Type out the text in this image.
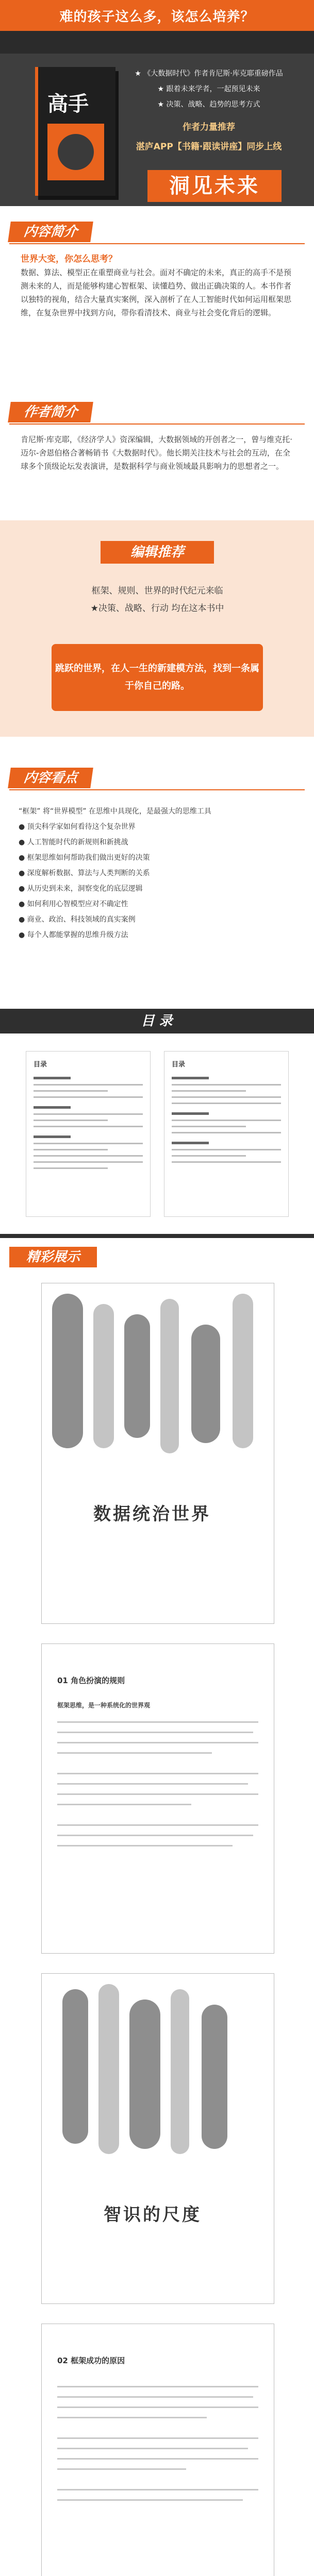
难的孩子这么多，该怎么培养？
高手
★ 《大数据时代》作者肯尼斯·库克耶重磅作品
★ 跟着未来学者，一起预见未来
★ 决策、战略、趋势的思考方式
作者力量推荐
湛庐APP【书籍·跟读讲座】同步上线
洞见未来
内容简介
世界大变，你怎么思考？
数据、算法、模型正在重塑商业与社会。面对不确定的未来，真正的高手不是预测未来的人，而是能够构建心智框架、读懂趋势、做出正确决策的人。本书作者以独特的视角，结合大量真实案例，深入剖析了在人工智能时代如何运用框架思维，在复杂世界中找到方向，带你看清技术、商业与社会变化背后的逻辑。
作者简介
肯尼斯·库克耶，《经济学人》资深编辑，大数据领域的开创者之一，曾与维克托·迈尔-舍恩伯格合著畅销书《大数据时代》。他长期关注技术与社会的互动，在全球多个顶级论坛发表演讲，是数据科学与商业领域最具影响力的思想者之一。
编辑推荐
框架、规则、世界的时代纪元来临
★决策、战略、行动 均在这本书中
跳跃的世界，在人一生的新建模方法，找到一条属于你自己的路。
内容看点
“框架” 将“世界模型” 在思维中具现化，是最强大的思维工具
● 顶尖科学家如何看待这个复杂世界
● 人工智能时代的新规则和新挑战
● 框架思维如何帮助我们做出更好的决策
● 深度解析数据、算法与人类判断的关系
● 从历史到未来，洞察变化的底层逻辑
● 如何利用心智模型应对不确定性
● 商业、政治、科技领域的真实案例
● 每个人都能掌握的思维升级方法
目 录
目录	目录
精彩展示
数据统治世界
01 角色扮演的规则
框架思维，是一种系统化的世界观
智识的尺度
02 框架成功的原因
